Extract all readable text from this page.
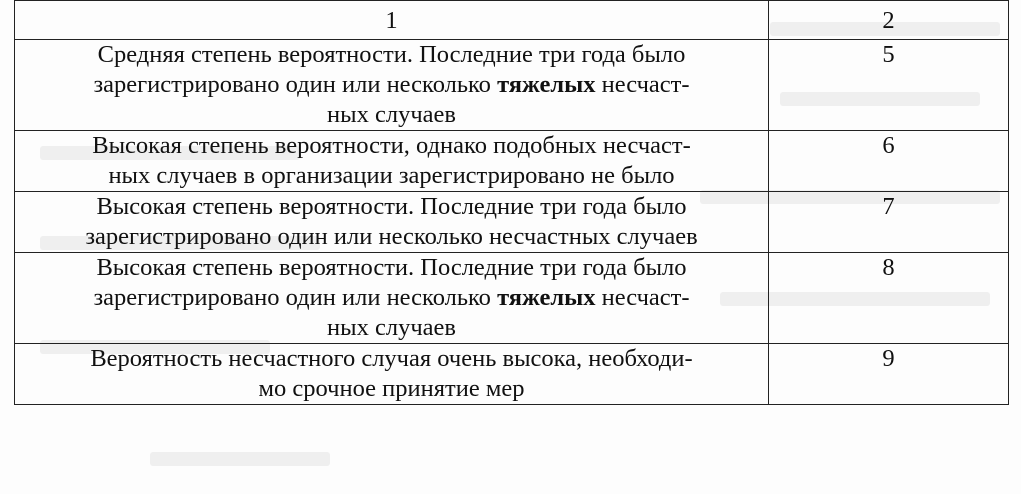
1	2

Средняя степень вероятности. Последние три года было
зарегистрировано один или несколько тяжелых несчаст-
ных случаев	5

Высокая степень вероятности, однако подобных несчаст-
ных случаев в организации зарегистрировано не было	6

Высокая степень вероятности. Последние три года было
зарегистрировано один или несколько несчастных случаев	7

Высокая степень вероятности. Последние три года было
зарегистрировано один или несколько тяжелых несчаст-
ных случаев	8

Вероятность несчастного случая очень высока, необходи-
мо срочное принятие мер	9
